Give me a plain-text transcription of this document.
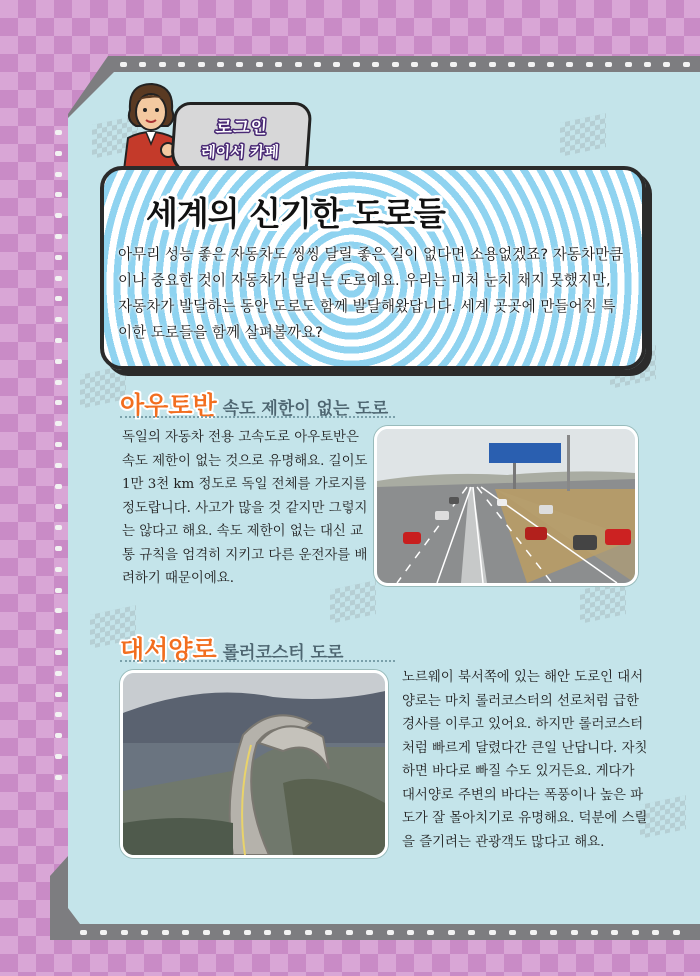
로그인
레이서 카페
세계의 신기한 도로들
아무리 성능 좋은 자동차도 씽씽 달릴 좋은 길이 없다면 소용없겠죠? 자동차만큼이나 중요한 것이 자동차가 달리는 도로예요. 우리는 미처 눈치 채지 못했지만, 자동차가 발달하는 동안 도로도 함께 발달해왔답니다. 세계 곳곳에 만들어진 특이한 도로들을 함께 살펴볼까요?
아우토반 속도 제한이 없는 도로
독일의 자동차 전용 고속도로 아우토반은 속도 제한이 없는 것으로 유명해요. 길이도 1만 3천 km 정도로 독일 전체를 가로지를 정도랍니다. 사고가 많을 것 같지만 그렇지는 않다고 해요. 속도 제한이 없는 대신 교통 규칙을 엄격히 지키고 다른 운전자를 배려하기 때문이에요.
대서양로 롤러코스터 도로
노르웨이 북서쪽에 있는 해안 도로인 대서양로는 마치 롤러코스터의 선로처럼 급한 경사를 이루고 있어요. 하지만 롤러코스터처럼 빠르게 달렸다간 큰일 난답니다. 자칫하면 바다로 빠질 수도 있거든요. 게다가 대서양로 주변의 바다는 폭풍이나 높은 파도가 잘 몰아치기로 유명해요. 덕분에 스릴을 즐기려는 관광객도 많다고 해요.
